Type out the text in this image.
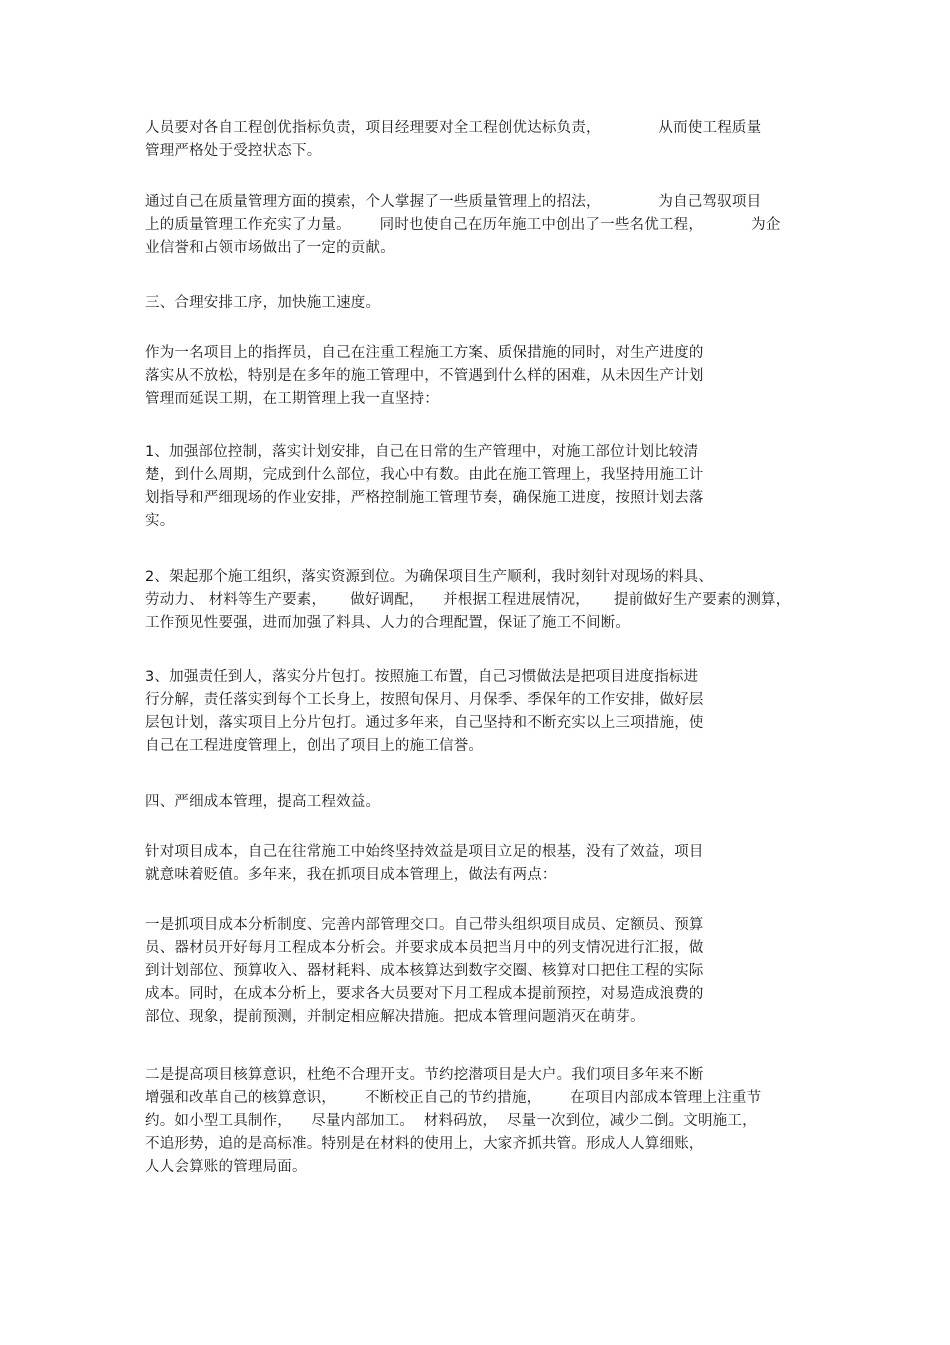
人员要对各自工程创优指标负责，项目经理要对全工程创优达标负责，            从而使工程质量
管理严格处于受控状态下。
通过自己在质量管理方面的摸索，个人掌握了一些质量管理上的招法，            为自己驾驭项目
上的质量管理工作充实了力量。      同时也使自己在历年施工中创出了一些名优工程，          为企
业信誉和占领市场做出了一定的贡献。
三、合理安排工序，加快施工速度。
作为一名项目上的指挥员，自己在注重工程施工方案、质保措施的同时，对生产进度的
落实从不放松，特别是在多年的施工管理中，不管遇到什么样的困难，从未因生产计划
管理而延误工期，在工期管理上我一直坚持：
1、加强部位控制，落实计划安排，自己在日常的生产管理中，对施工部位计划比较清
楚，到什么周期，完成到什么部位，我心中有数。由此在施工管理上，我坚持用施工计
划指导和严细现场的作业安排，严格控制施工管理节奏，确保施工进度，按照计划去落
实。
2、架起那个施工组织，落实资源到位。为确保项目生产顺利，我时刻针对现场的料具、
劳动力、 材料等生产要素，     做好调配，    并根据工程进展情况，     提前做好生产要素的测算，
工作预见性要强，进而加强了料具、人力的合理配置，保证了施工不间断。
3、加强责任到人，落实分片包打。按照施工布置，自己习惯做法是把项目进度指标进
行分解，责任落实到每个工长身上，按照旬保月、月保季、季保年的工作安排，做好层
层包计划，落实项目上分片包打。通过多年来，自己坚持和不断充实以上三项措施，使
自己在工程进度管理上，创出了项目上的施工信誉。
四、严细成本管理，提高工程效益。
针对项目成本，自己在往常施工中始终坚持效益是项目立足的根基，没有了效益，项目
就意味着贬值。多年来，我在抓项目成本管理上，做法有两点：
一是抓项目成本分析制度、完善内部管理交口。自己带头组织项目成员、定额员、预算
员、器材员开好每月工程成本分析会。并要求成本员把当月中的列支情况进行汇报，做
到计划部位、预算收入、器材耗料、成本核算达到数字交圈、核算对口把住工程的实际
成本。同时，在成本分析上，要求各大员要对下月工程成本提前预控，对易造成浪费的
部位、现象，提前预测，并制定相应解决措施。把成本管理问题消灭在萌芽。
二是提高项目核算意识，杜绝不合理开支。节约挖潜项目是大户。我们项目多年来不断
增强和改革自己的核算意识，      不断校正自己的节约措施，      在项目内部成本管理上注重节
约。如小型工具制作，    尽量内部加工。  材料码放，  尽量一次到位，减少二倒。文明施工，
不追形势，追的是高标准。特别是在材料的使用上，大家齐抓共管。形成人人算细账，
人人会算账的管理局面。
